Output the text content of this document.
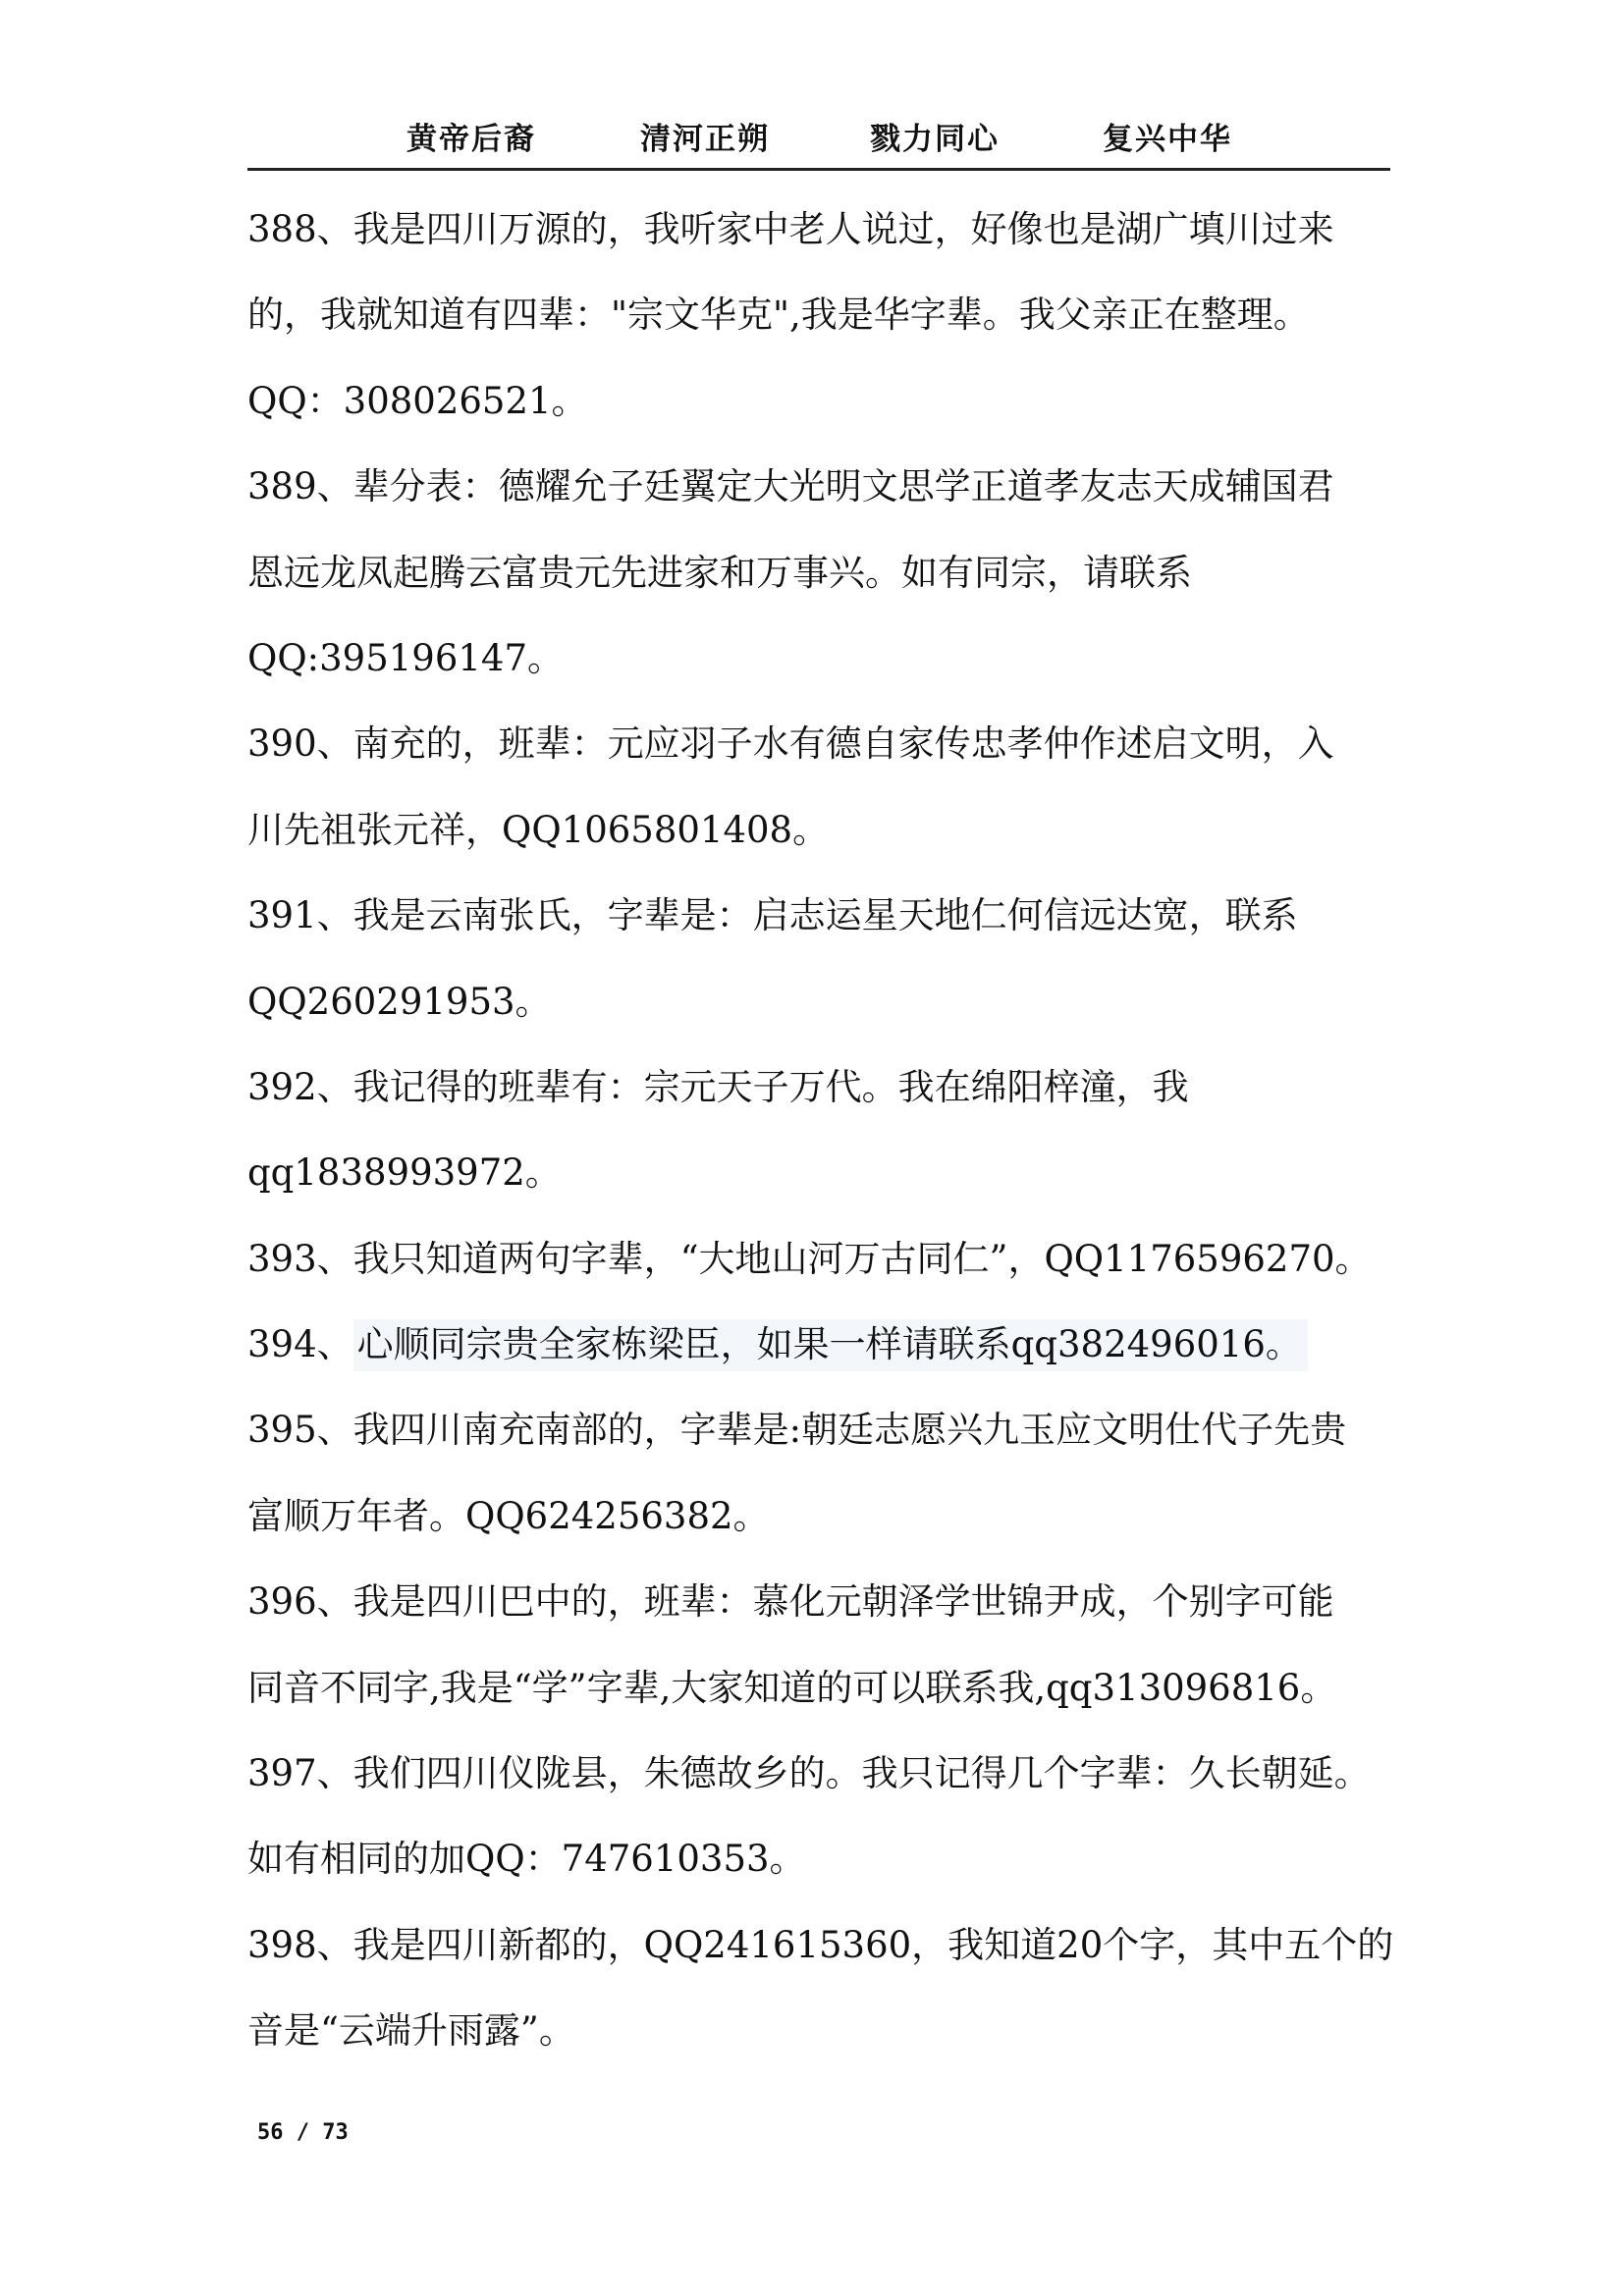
黄帝后裔	清河正朔	戮力同心	复兴中华
388、我是四川万源的，我听家中老人说过，好像也是湖广填川过来
的，我就知道有四辈："宗文华克",我是华字辈。我父亲正在整理。
QQ：308026521。
389、辈分表：德耀允子廷翼定大光明文思学正道孝友志天成辅国君
恩远龙凤起腾云富贵元先进家和万事兴。如有同宗，请联系
QQ:395196147。
390、南充的，班辈：元应羽子水有德自家传忠孝仲作述启文明，入
川先祖张元祥，QQ1065801408。
391、我是云南张氏，字辈是：启志运星天地仁何信远达宽，联系
QQ260291953。
392、我记得的班辈有：宗元天子万代。我在绵阳梓潼，我
qq1838993972。
393、我只知道两句字辈，“大地山河万古同仁”，QQ1176596270。
394、 心顺同宗贵全家栋梁臣，如果一样请联系qq382496016。
395、我四川南充南部的，字辈是:朝廷志愿兴九玉应文明仕代子先贵
富顺万年者。QQ624256382。
396、我是四川巴中的，班辈：慕化元朝泽学世锦尹成，个别字可能
同音不同字,我是“学”字辈,大家知道的可以联系我,qq313096816。
397、我们四川仪陇县，朱德故乡的。我只记得几个字辈：久长朝延。
如有相同的加QQ：747610353。
398、我是四川新都的，QQ241615360，我知道20个字，其中五个的
音是“云端升雨露”。
56 / 73
